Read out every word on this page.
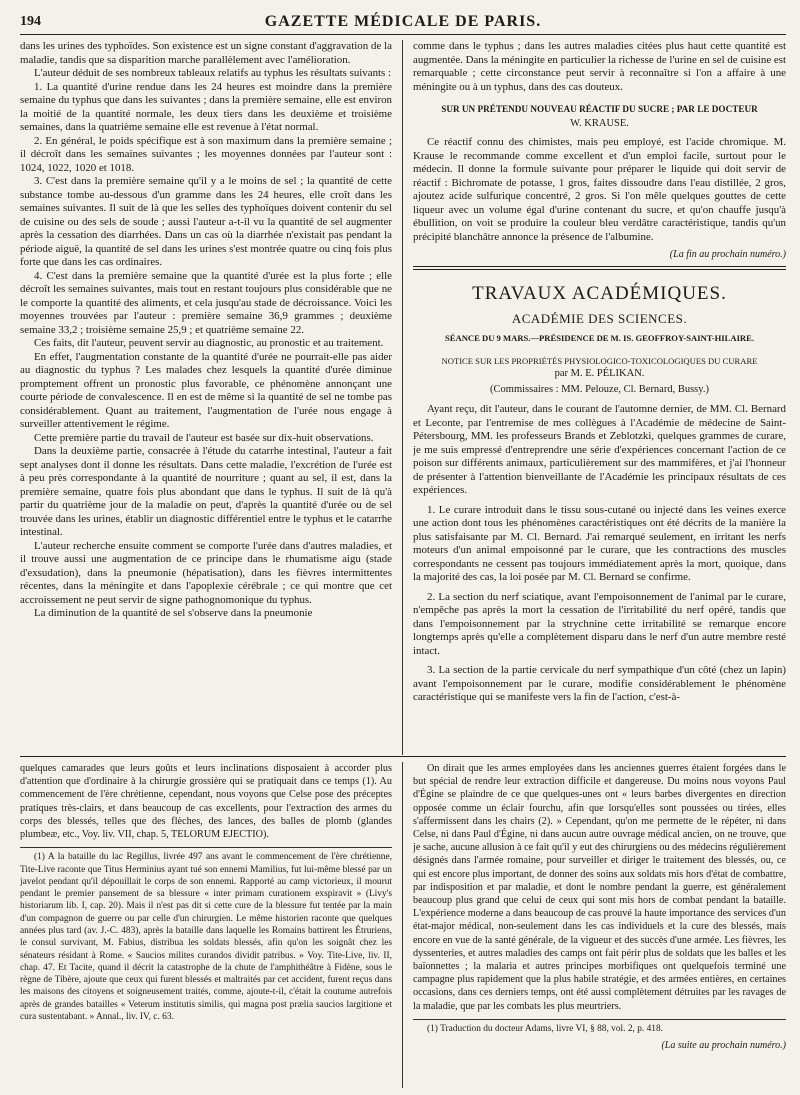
194	GAZETTE MÉDICALE DE PARIS.

dans les urines des typhoïdes. Son existence est un signe constant d'aggravation de la maladie, tandis que sa disparition marche parallèlement avec l'amélioration.

L'auteur déduit de ses nombreux tableaux relatifs au typhus les résultats suivants :

1. La quantité d'urine rendue dans les 24 heures est moindre dans la première semaine du typhus que dans les suivantes ; dans la première semaine, elle est environ la moitié de la quantité normale, les deux tiers dans les deuxième et troisième semaines, dans la quatrième semaine elle est revenue à l'état normal.

2. En général, le poids spécifique est à son maximum dans la première semaine ; il décroît dans les semaines suivantes ; les moyennes données par l'auteur sont : 1024, 1022, 1020 et 1018.

3. C'est dans la première semaine qu'il y a le moins de sel ; la quantité de cette substance tombe au-dessous d'un gramme dans les 24 heures, elle croît dans les semaines suivantes. Il suit de là que les selles des typhoïques doivent contenir du sel de cuisine ou des sels de soude ; aussi l'auteur a-t-il vu la quantité de sel augmenter après la cessation des diarrhées. Dans un cas où la diarrhée n'existait pas pendant la période aiguë, la quantité de sel dans les urines s'est montrée quatre ou cinq fois plus forte que dans les cas ordinaires.

4. C'est dans la première semaine que la quantité d'urée est la plus forte ; elle décroît les semaines suivantes, mais tout en restant toujours plus considérable que ne le comporte la quantité des aliments, et cela jusqu'au stade de décroissance. Voici les moyennes trouvées par l'auteur : première semaine 36,9 grammes ; deuxième semaine 33,2 ; troisième semaine 25,9 ; et quatrième semaine 22.

Ces faits, dit l'auteur, peuvent servir au diagnostic, au pronostic et au traitement.

En effet, l'augmentation constante de la quantité d'urée ne pourrait-elle pas aider au diagnostic du typhus ? Les malades chez lesquels la quantité d'urée diminue promptement offrent un pronostic plus favorable, ce phénomène annonçant une courte période de convalescence. Il en est de même si la quantité de sel ne tombe pas considérablement. Quant au traitement, l'augmentation de l'urée nous engage à surveiller attentivement le régime.

Cette première partie du travail de l'auteur est basée sur dix-huit observations.

Dans la deuxième partie, consacrée à l'étude du catarrhe intestinal, l'auteur a fait sept analyses dont il donne les résultats. Dans cette maladie, l'excrétion de l'urée est à peu près correspondante à la quantité de nourriture ; quant au sel, il est, dans la première semaine, quatre fois plus abondant que dans le typhus. Il suit de là qu'à partir du quatrième jour de la maladie on peut, d'après la quantité d'urée ou de sel trouvée dans les urines, établir un diagnostic différentiel entre le typhus et le catarrhe intestinal.

L'auteur recherche ensuite comment se comporte l'urée dans d'autres maladies, et il trouve aussi une augmentation de ce principe dans le rhumatisme aigu (stade d'exsudation), dans la pneumonie (hépatisation), dans les fièvres intermittentes récentes, dans la méningite et dans l'apoplexie cérébrale ; ce qui montre que cet accroissement ne peut servir de signe pathognomonique du typhus.

La diminution de la quantité de sel s'observe dans la pneumonie

comme dans le typhus ; dans les autres maladies citées plus haut cette quantité est augmentée. Dans la méningite en particulier la richesse de l'urine en sel de cuisine est remarquable ; cette circonstance peut servir à reconnaître si l'on a affaire à une méningite ou à un typhus, dans des cas douteux.

SUR UN PRÉTENDU NOUVEAU RÉACTIF DU SUCRE ; PAR LE DOCTEUR
W. KRAUSE.

Ce réactif connu des chimistes, mais peu employé, est l'acide chromique. M. Krause le recommande comme excellent et d'un emploi facile, surtout pour le médecin. Il donne la formule suivante pour préparer le liquide qui doit servir de réactif : Bichromate de potasse, 1 gros, faites dissoudre dans l'eau distillée, 2 gros, ajoutez acide sulfurique concentré, 2 gros. Si l'on mêle quelques gouttes de cette liqueur avec un volume égal d'urine contenant du sucre, et qu'on chauffe jusqu'à ébullition, on voit se produire la couleur bleu verdâtre caractéristique, tandis qu'un précipité blanchâtre annonce la présence de l'albumine.

(La fin au prochain numéro.)
TRAVAUX ACADÉMIQUES.
ACADÉMIE DES SCIENCES.
SÉANCE DU 9 MARS.—PRÉSIDENCE DE M. IS. GEOFFROY-SAINT-HILAIRE.
NOTICE SUR LES PROPRIÉTÉS PHYSIOLOGICO-TOXICOLOGIQUES DU CURARE
par M. E. PÉLIKAN.
(Commissaires : MM. Pelouze, Cl. Bernard, Bussy.)

Ayant reçu, dit l'auteur, dans le courant de l'automne dernier, de MM. Cl. Bernard et Leconte, par l'entremise de mes collègues à l'Académie de médecine de Saint-Pétersbourg, MM. les professeurs Brands et Zeblotzki, quelques grammes de curare, je me suis empressé d'entreprendre une série d'expériences concernant l'action de ce poison sur différents animaux, particulièrement sur des mammifères, et j'ai l'honneur de présenter à l'attention bienveillante de l'Académie les principaux résultats de ces expériences.

1. Le curare introduit dans le tissu sous-cutané ou injecté dans les veines exerce une action dont tous les phénomènes caractéristiques ont été décrits de la manière la plus satisfaisante par M. Cl. Bernard. J'ai remarqué seulement, en irritant les nerfs moteurs d'un animal empoisonné par le curare, que les contractions des muscles correspondants ne cessent pas toujours immédiatement après la mort, quoique, dans la majorité des cas, la loi posée par M. Cl. Bernard se confirme.

2. La section du nerf sciatique, avant l'empoisonnement de l'animal par le curare, n'empêche pas après la mort la cessation de l'irritabilité du nerf opéré, tandis que dans l'empoisonnement par la strychnine cette irritabilité se remarque encore longtemps après qu'elle a complètement disparu dans le nerf d'un autre membre resté intact.

3. La section de la partie cervicale du nerf sympathique d'un côté (chez un lapin) avant l'empoisonnement par le curare, modifie considérablement le phénomène caractéristique qui se manifeste vers la fin de l'action, c'est-à-

quelques camarades que leurs goûts et leurs inclinations disposaient à accorder plus d'attention que d'ordinaire à la chirurgie grossière qui se pratiquait dans ce temps (1). Au commencement de l'ère chrétienne, cependant, nous voyons que Celse pose des préceptes pratiques très-clairs, et dans beaucoup de cas excellents, pour l'extraction des armes du corps des blessés, telles que des flèches, des lances, des balles de plomb (glandes plumbeæ, etc., Voy. liv. VII, chap. 5, TELORUM EJECTIO).

(1) A la bataille du lac Regillus, livrée 497 ans avant le commencement de l'ère chrétienne, Tite-Live raconte que Titus Herminius ayant tué son ennemi Mamilius, fut lui-même blessé par un javelot pendant qu'il dépouillait le corps de son ennemi. Rapporté au camp victorieux, il mourut pendant le premier pansement de sa blessure « inter primam curationem exspiravit » (Livy's historiarum lib. I, cap. 20). Mais il n'est pas dit si cette cure de la blessure fut tentée par la main d'un compagnon de guerre ou par celle d'un chirurgien. Le même historien raconte que quelques années plus tard (av. J.-C. 483), après la bataille dans laquelle les Romains battirent les Étruriens, le consul survivant, M. Fabius, distribua les soldats blessés, afin qu'on les soignât chez les sénateurs résidant à Rome. « Saucios milites curandos dividit patribus. » Voy. Tite-Live, liv. II, chap. 47. Et Tacite, quand il décrit la catastrophe de la chute de l'amphithéâtre à Fidène, sous le règne de Tibère, ajoute que ceux qui furent blessés et maltraités par cet accident, furent reçus dans les maisons des citoyens et soigneusement traités, comme, ajoute-t-il, c'était la coutume autrefois après de grandes batailles « Veterum institutis similis, qui magna post prælia saucios largitione et cura sustentabant. » Annal., liv. IV, c. 63.

On dirait que les armes employées dans les anciennes guerres étaient forgées dans le but spécial de rendre leur extraction difficile et dangereuse. Du moins nous voyons Paul d'Égine se plaindre de ce que quelques-unes ont « leurs barbes divergentes en direction opposée comme un éclair fourchu, afin que lorsqu'elles sont poussées ou tirées, elles s'affermissent dans les chairs (2). » Cependant, qu'on me permette de le répéter, ni dans Celse, ni dans Paul d'Égine, ni dans aucun autre ouvrage médical ancien, on ne trouve, que je sache, aucune allusion à ce fait qu'il y eut des chirurgiens ou des médecins régulièrement désignés dans l'armée romaine, pour surveiller et diriger le traitement des blessés, ou, ce qui est encore plus important, de donner des soins aux soldats mis hors d'état de combattre, par indisposition et par maladie, et dont le nombre pendant la guerre, est généralement beaucoup plus grand que celui de ceux qui sont mis hors de combat pendant la bataille. L'expérience moderne a dans beaucoup de cas prouvé la haute importance des services d'un état-major médical, non-seulement dans les cas individuels et la cure des blessés, mais encore en vue de la santé générale, de la vigueur et des succès d'une armée. Les fièvres, les dyssenteries, et autres maladies des camps ont fait périr plus de soldats que les balles et les baïonnettes ; la malaria et autres principes morbifiques ont quelquefois terminé une campagne plus rapidement que la plus habile stratégie, et des armées entières, en certaines occasions, dans ces derniers temps, ont été aussi complètement détruites par les ravages de la maladie, que par les combats les plus meurtriers.

(1) Traduction du docteur Adams, livre VI, § 88, vol. 2, p. 418.

(La suite au prochain numéro.)
